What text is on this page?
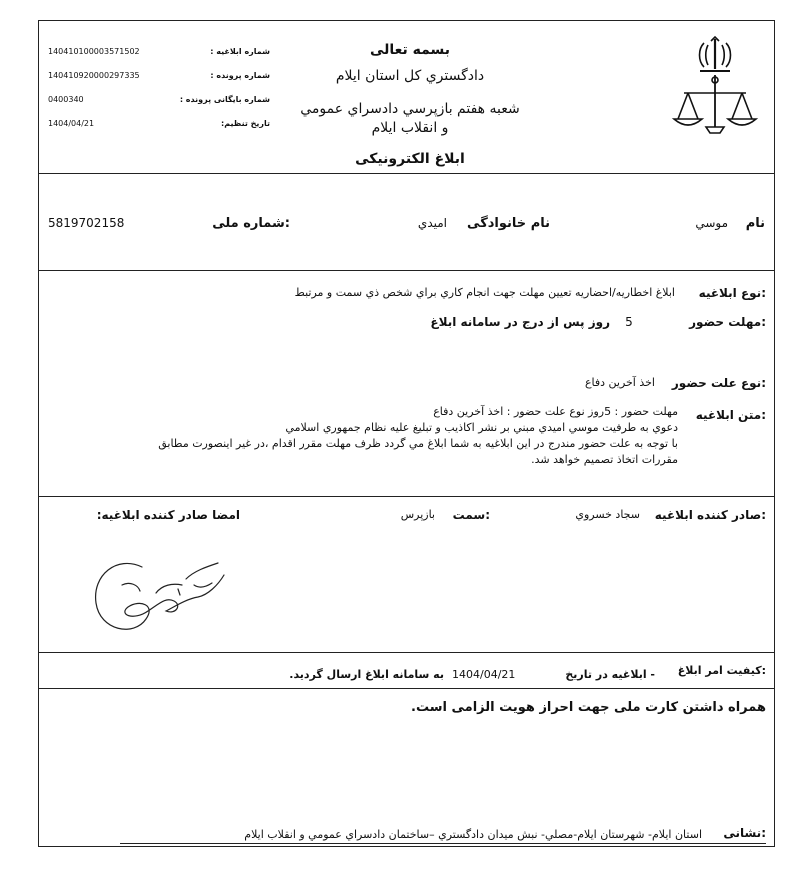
بسمه تعالی
دادگستري كل استان ايلام
شعبه هفتم بازپرسي دادسراي عمومي
و انقلاب ايلام
ابلاغ الکترونيکی
140410100003571502	شماره ابلاغیه :
140410920000297335	شماره پرونده :
0400340	شماره بایگانی پرونده :
1404/04/21	تاریخ تنظیم:
نام
موسي
نام خانوادگی
اميدي
شماره ملی:
5819702158
نوع ابلاغیه:
ابلاغ اخطاريه/احضاريه تعيين مهلت جهت انجام كاري براي شخص ذي سمت و مرتبط
مهلت حضور:
5
روز پس از درج در سامانه ابلاغ
نوع علت حضور:
اخذ آخرين دفاع
متن ابلاغیه:
مهلت حضور : 5روز نوع علت حضور : اخذ آخرين دفاع
دعوي به طرفيت موسي اميدي مبني بر نشر اكاذيب و تبليغ عليه نظام جمهوري اسلامي
با توجه به علت حضور مندرج در اين ابلاغيه به شما ابلاغ مي گردد ظرف مهلت مقرر اقدام ،در غير اينصورت مطابق
مقررات اتخاذ تصميم خواهد شد.
صادر کننده ابلاغیه:
سجاد خسروي
سمت:
بازپرس
امضا صادر کننده ابلاغیه:
کیفیت امر ابلاغ:
- ابلاغیه در تاریخ
1404/04/21
به سامانه ابلاغ ارسال گردید.
همراه داشتن کارت ملی جهت احراز هويت الزامی است.
نشانی:
استان ايلام- شهرستان ايلام-مصلي- نبش ميدان دادگستري –ساختمان دادسراي عمومي و انقلاب ايلام
